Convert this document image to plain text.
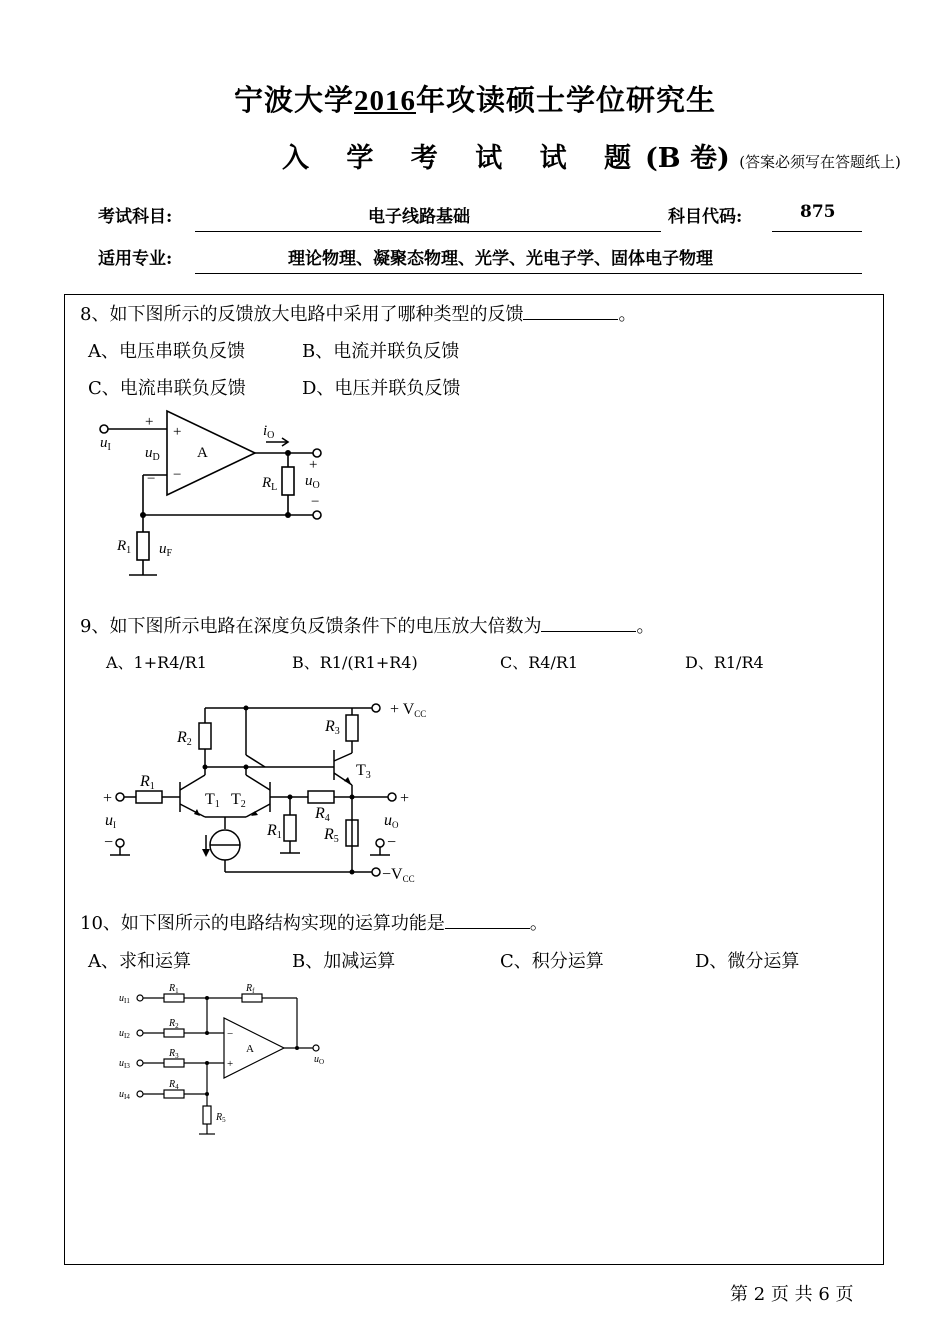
宁波大学2016年攻读硕士学位研究生
入 学 考 试 试 题(B 卷) (答案必须写在答题纸上)
考试科目:	电子线路基础	科目代码:	875
适用专业:	理论物理、凝聚态物理、光学、光电子学、固体电子物理
8、如下图所示的反馈放大电路中采用了哪种类型的反馈	。
A、电压串联负反馈	B、电流并联负反馈
C、电流串联负反馈	D、电压并联负反馈
$u_I$ $u_D$
$i_O$
$R_L$ $u_O$
$R_1$ $u_F$
+
+
−
−
A
+
−
9、如下图所示电路在深度负反馈条件下的电压放大倍数为	。
A、1+R4/R1	B、R1/(R1+R4)	C、R4/R1	D、R1/R4
+ VCC
−VCC
R2
R3
T3
R1
T1 T2
R4
R1	R5
uI	uO
+	+
−	−
10、如下图所示的电路结构实现的运算功能是	。
A、求和运算	B、加减运算	C、积分运算	D、微分运算
$u_{I1}$
$u_{I2}$
$u_{I3}$
$u_{I4}$
$R_1$
$R_2$
$R_3$
$R_4$
$R_5$
$R_f$
$u_O$
A
−
+
第 2 页 共 6 页
